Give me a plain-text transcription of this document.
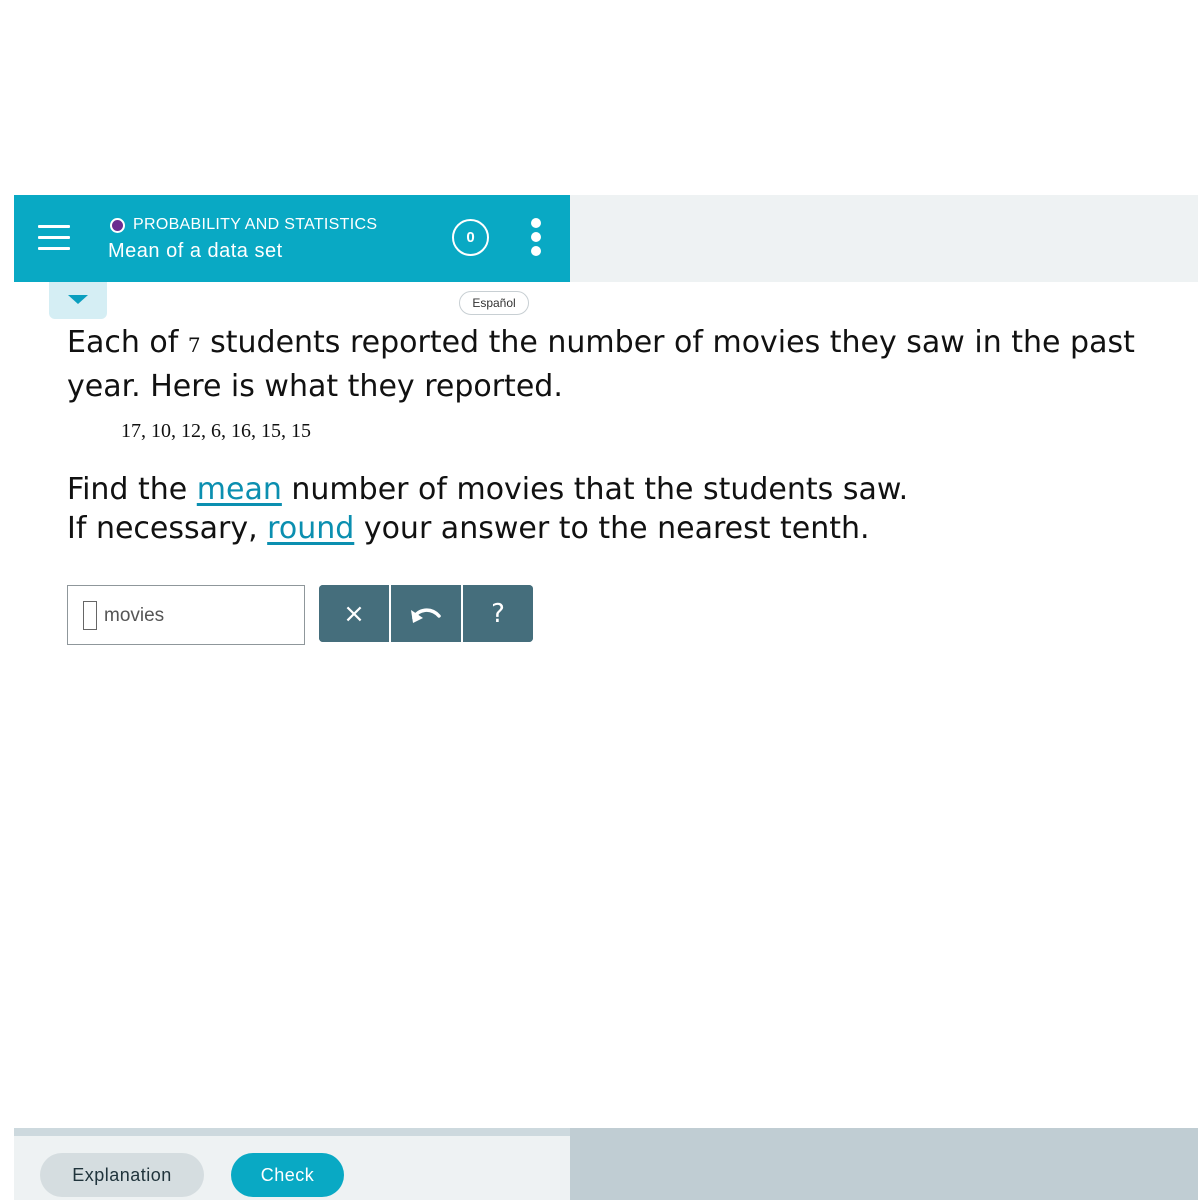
PROBABILITY AND STATISTICS
Mean of a data set
0
Español
Each of 7 students reported the number of movies they saw in the past year. Here is what they reported.
17, 10, 12, 6, 16, 15, 15
Find the mean number of movies that the students saw.
If necessary, round your answer to the nearest tenth.
movies	×	?
Explanation	Check
